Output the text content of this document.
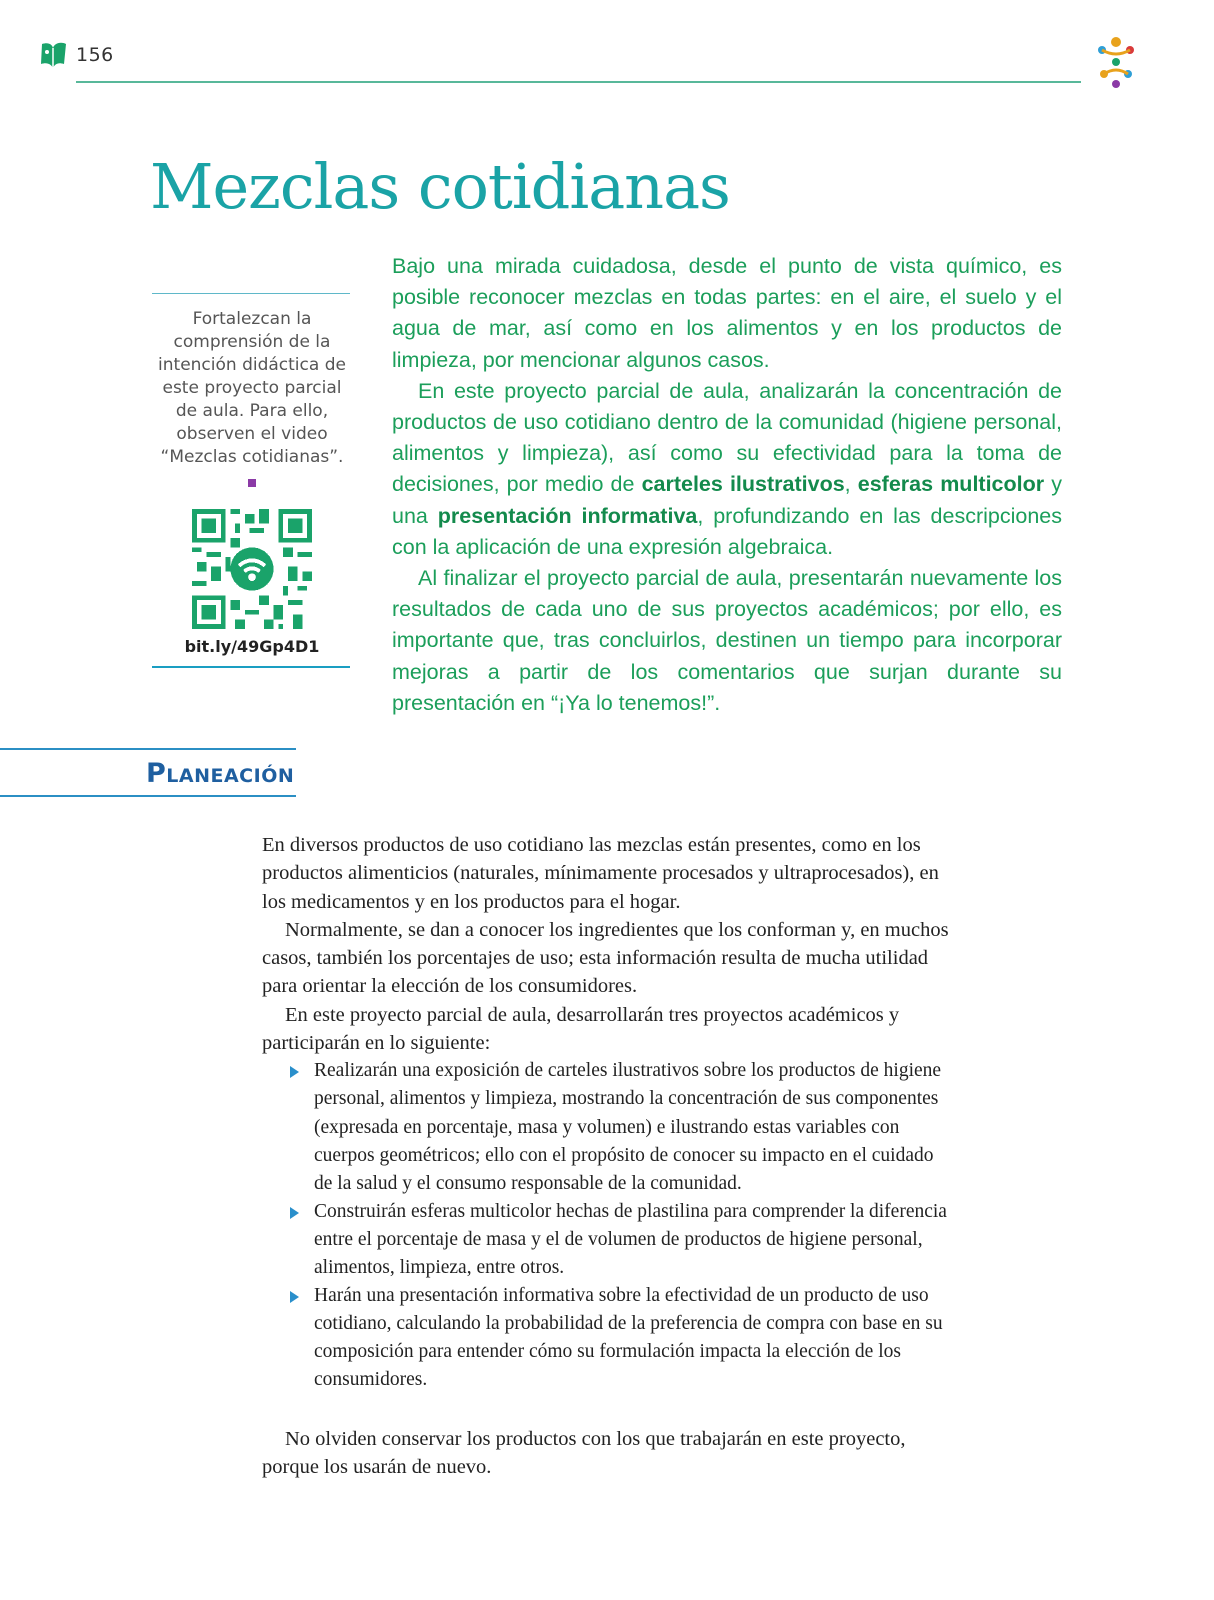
156
Mezclas cotidianas

Fortalezcan la comprensión de la intención didáctica de este proyecto parcial de aula. Para ello, observen el video “Mezclas cotidianas”.

bit.ly/49Gp4D1

Bajo una mirada cuidadosa, desde el punto de vista químico, es posible reconocer mezclas en todas partes: en el aire, el suelo y el agua de mar, así como en los alimentos y en los productos de limpieza, por mencionar algunos casos.

En este proyecto parcial de aula, analizarán la concentración de productos de uso cotidiano dentro de la comunidad (higiene personal, alimentos y limpieza), así como su efectividad para la toma de decisiones, por medio de carteles ilustrativos, esferas multicolor y una presentación informativa, profundizando en las descripciones con la aplicación de una expresión algebraica.

Al finalizar el proyecto parcial de aula, presentarán nuevamente los resultados de cada uno de sus proyectos académicos; por ello, es importante que, tras concluirlos, destinen un tiempo para incorporar mejoras a partir de los comentarios que surjan durante su presentación en “¡Ya lo tenemos!”.

Planeación

En diversos productos de uso cotidiano las mezclas están presentes, como en los productos alimenticios (naturales, mínimamente procesados y ultraprocesados), en los medicamentos y en los productos para el hogar.

Normalmente, se dan a conocer los ingredientes que los conforman y, en muchos casos, también los porcentajes de uso; esta información resulta de mucha utilidad para orientar la elección de los consumidores.

En este proyecto parcial de aula, desarrollarán tres proyectos académicos y participarán en lo siguiente:

Realizarán una exposición de carteles ilustrativos sobre los productos de higiene personal, alimentos y limpieza, mostrando la concentración de sus componentes (expresada en porcentaje, masa y volumen) e ilustrando estas variables con cuerpos geométricos; ello con el propósito de conocer su impacto en el cuidado de la salud y el consumo responsable de la comunidad.
Construirán esferas multicolor hechas de plastilina para comprender la diferencia entre el porcentaje de masa y el de volumen de productos de higiene personal, alimentos, limpieza, entre otros.
Harán una presentación informativa sobre la efectividad de un producto de uso cotidiano, calculando la probabilidad de la preferencia de compra con base en su composición para entender cómo su formulación impacta la elección de los consumidores.

No olviden conservar los productos con los que trabajarán en este proyecto, porque los usarán de nuevo.
